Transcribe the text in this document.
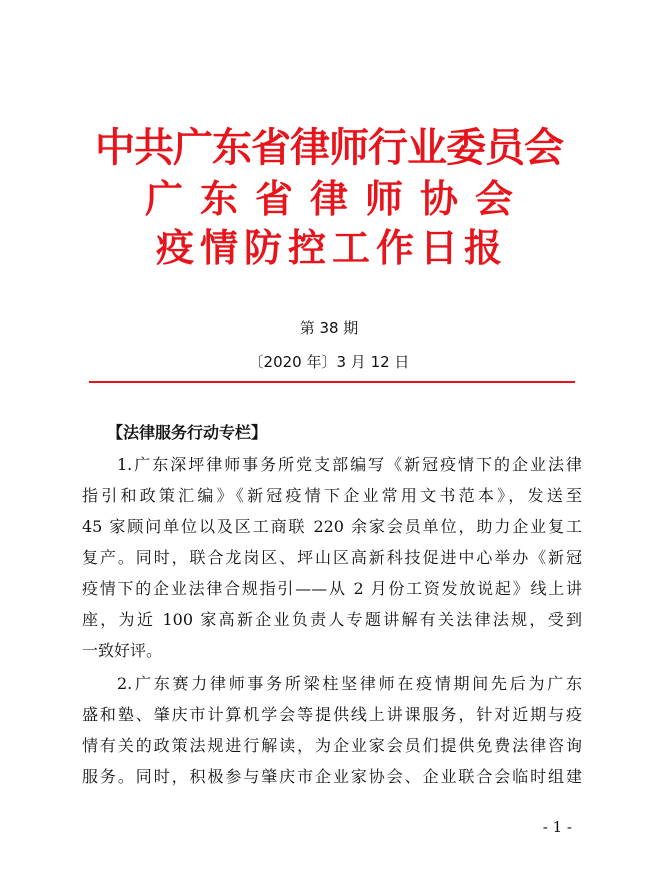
中共广东省律师行业委员会
广东省律师协会
疫情防控工作日报
第 38 期
〔2020 年〕3 月 12 日
【法律服务行动专栏】
1.广东深坪律师事务所党支部编写《新冠疫情下的企业法律
指引和政策汇编》《新冠疫情下企业常用文书范本》，发送至
45 家顾问单位以及区工商联 220 余家会员单位，助力企业复工
复产。同时，联合龙岗区、坪山区高新科技促进中心举办《新冠
疫情下的企业法律合规指引——从 2 月份工资发放说起》线上讲
座，为近 100 家高新企业负责人专题讲解有关法律法规，受到
一致好评。
2.广东赛力律师事务所梁柱坚律师在疫情期间先后为广东
盛和塾、肇庆市计算机学会等提供线上讲课服务，针对近期与疫
情有关的政策法规进行解读，为企业家会员们提供免费法律咨询
服务。同时，积极参与肇庆市企业家协会、企业联合会临时组建
- 1 -
